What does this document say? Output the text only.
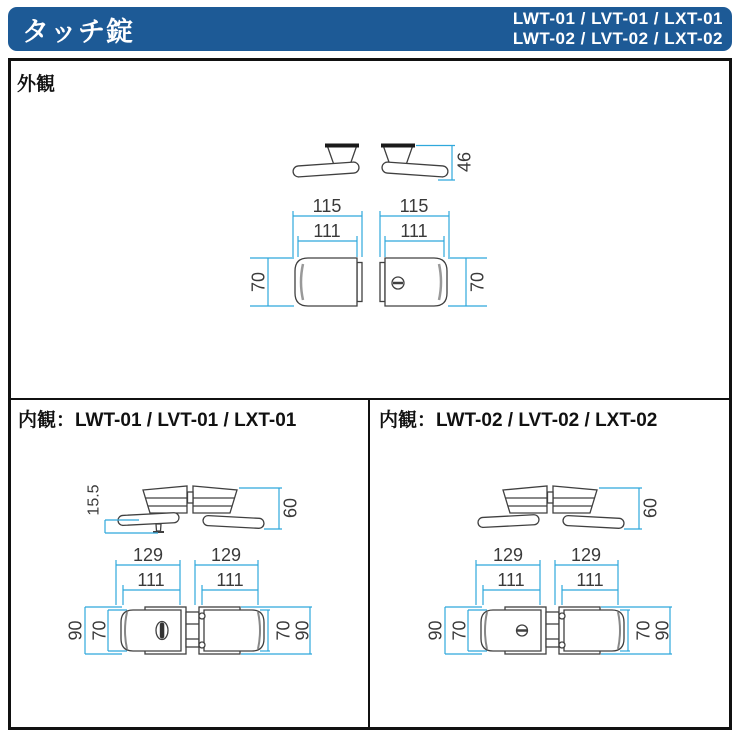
タッチ錠	LWT-01 / LVT-01 / LXT-01
LWT-02 / LVT-02 / LXT-02
外観
46
115
111
70
115
111
70
内観：LWT-01 / LVT-01 / LXT-01	内観：LWT-02 / LVT-02 / LXT-02
60
15.5
129	129
111	111
90 70	70 90
60
129	129
111	111
90 70	70 90
